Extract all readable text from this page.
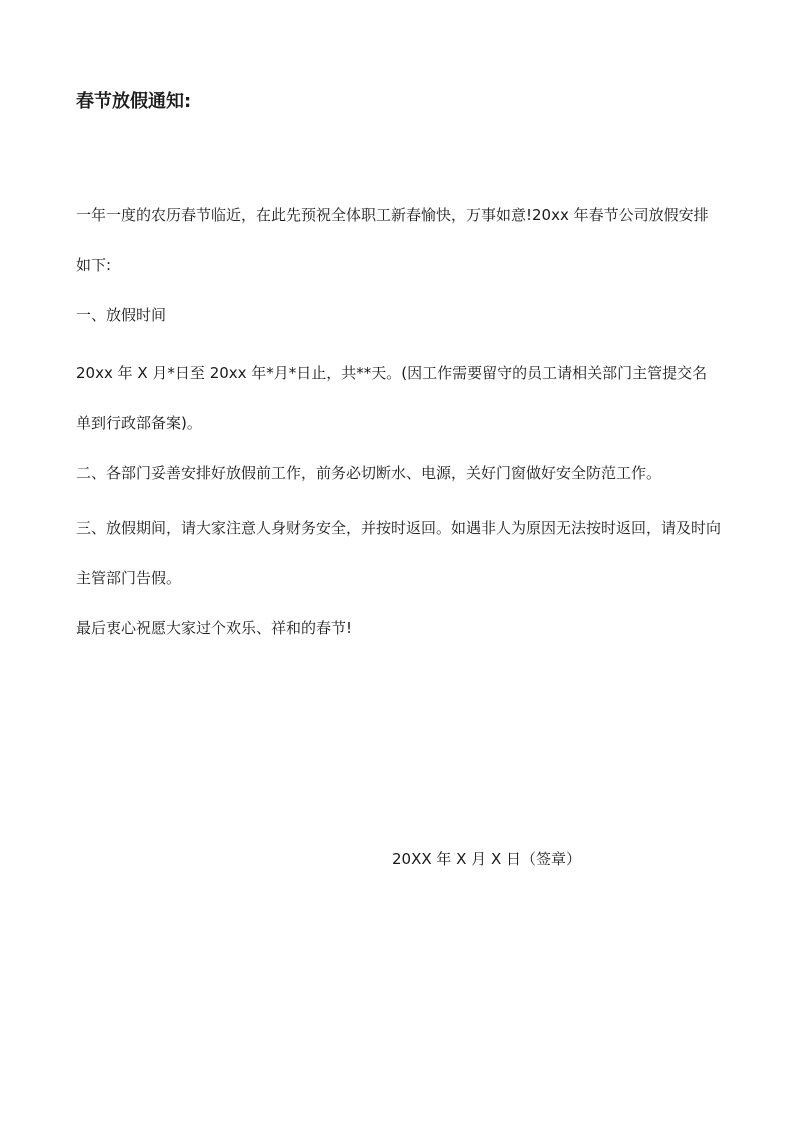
春节放假通知:

一年一度的农历春节临近，在此先预祝全体职工新春愉快，万事如意!20xx 年春节公司放假安排如下:

一、放假时间

20xx 年 X 月*日至 20xx 年*月*日止，共**天。(因工作需要留守的员工请相关部门主管提交名单到行政部备案)。

二、各部门妥善安排好放假前工作，前务必切断水、电源，关好门窗做好安全防范工作。

三、放假期间，请大家注意人身财务安全，并按时返回。如遇非人为原因无法按时返回，请及时向主管部门告假。

最后衷心祝愿大家过个欢乐、祥和的春节!

20XX 年 X 月 X 日（签章）
